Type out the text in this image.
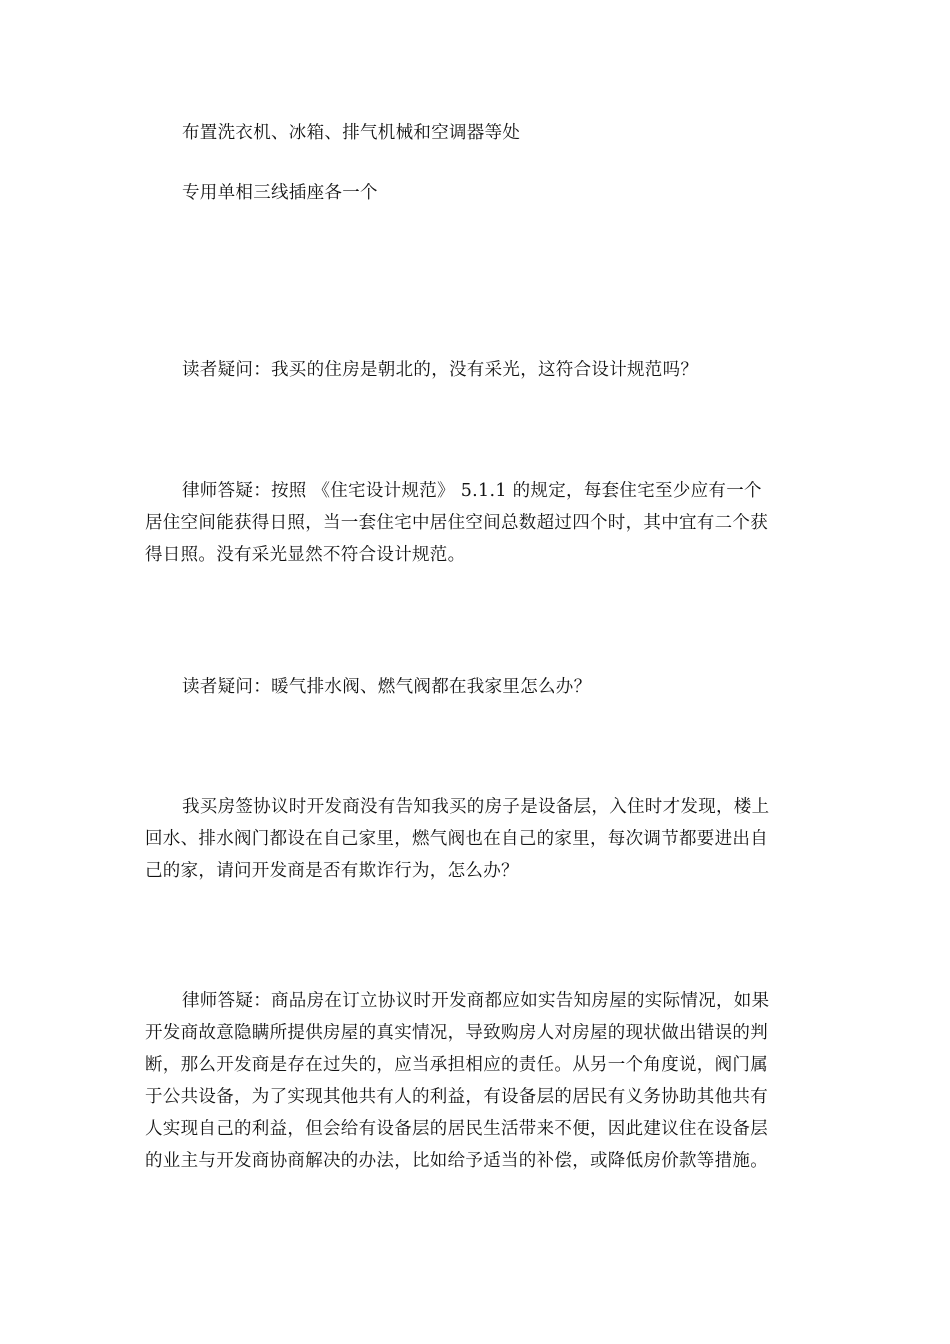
布置洗衣机、冰箱、排气机械和空调器等处

专用单相三线插座各一个

读者疑问：我买的住房是朝北的，没有采光，这符合设计规范吗？

律师答疑：按照 《住宅设计规范》 5.1.1 的规定，每套住宅至少应有一个
居住空间能获得日照，当一套住宅中居住空间总数超过四个时，其中宜有二个获
得日照。没有采光显然不符合设计规范。

读者疑问：暖气排水阀、燃气阀都在我家里怎么办？

我买房签协议时开发商没有告知我买的房子是设备层，入住时才发现，楼上
回水、排水阀门都设在自己家里，燃气阀也在自己的家里，每次调节都要进出自
己的家，请问开发商是否有欺诈行为，怎么办？
律师答疑：商品房在订立协议时开发商都应如实告知房屋的实际情况，如果
开发商故意隐瞒所提供房屋的真实情况，导致购房人对房屋的现状做出错误的判
断，那么开发商是存在过失的，应当承担相应的责任。从另一个角度说，阀门属
于公共设备，为了实现其他共有人的利益，有设备层的居民有义务协助其他共有
人实现自己的利益，但会给有设备层的居民生活带来不便，因此建议住在设备层
的业主与开发商协商解决的办法，比如给予适当的补偿，或降低房价款等措施。
